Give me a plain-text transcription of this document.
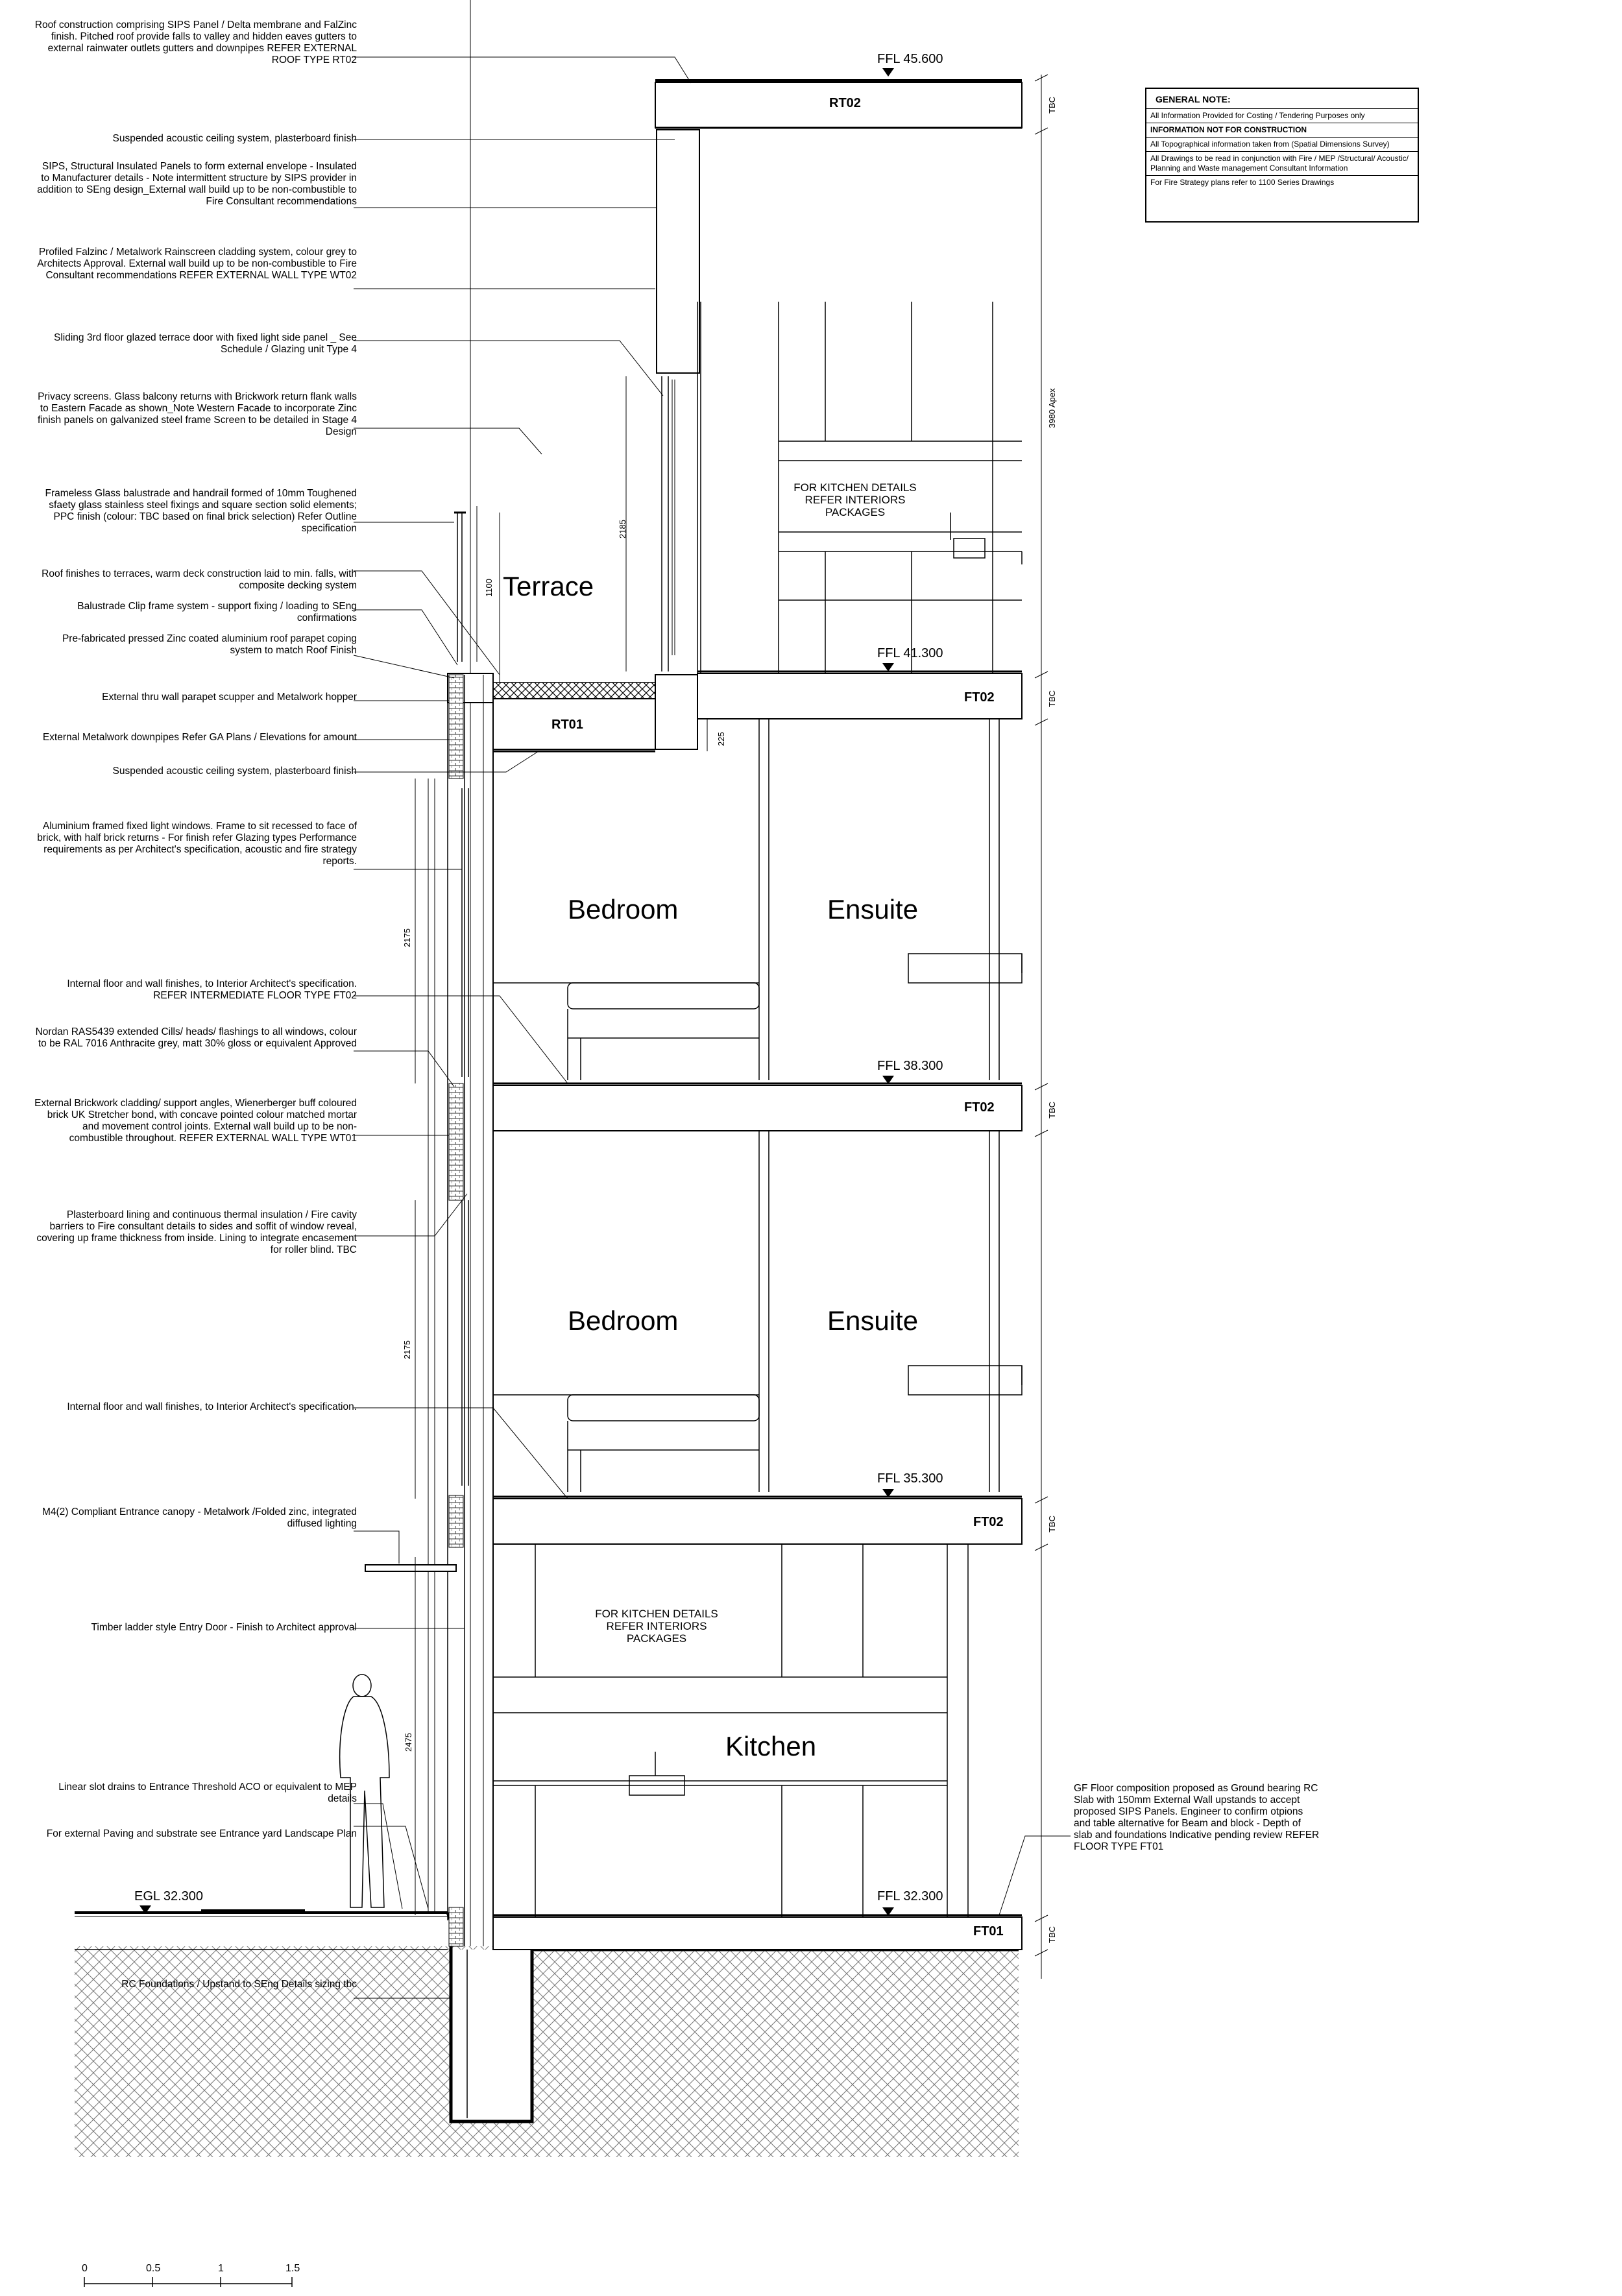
GENERAL NOTE:
All Information Provided for Costing / Tendering Purposes only
INFORMATION NOT FOR CONSTRUCTION
All Topographical information taken from (Spatial Dimensions Survey)
All Drawings to be read in conjunction with Fire / MEP /Structural/ Acoustic/ Planning and Waste management Consultant Information
For Fire Strategy plans refer to 1100 Series Drawings

Roof construction comprising SIPS Panel / Delta membrane and FalZinc finish. Pitched roof provide falls to valley and hidden eaves gutters to external rainwater outlets gutters and downpipes REFER EXTERNAL ROOF TYPE RT02

Suspended acoustic ceiling system, plasterboard finish

SIPS, Structural Insulated Panels to form external envelope - Insulated to Manufacturer details - Note intermittent structure by SIPS provider in addition to SEng design_External wall build up to be non-combustible to Fire Consultant recommendations

Profiled Falzinc / Metalwork Rainscreen cladding system, colour grey to Architects Approval. External wall build up to be non-combustible to Fire Consultant recommendations REFER EXTERNAL WALL TYPE WT02

Sliding 3rd floor glazed terrace door with fixed light side panel _ See Schedule / Glazing unit Type 4

Privacy screens. Glass balcony returns with Brickwork return flank walls to Eastern Facade as shown_Note Western Facade to incorporate Zinc finish panels on galvanized steel frame Screen to be detailed in Stage 4 Design

Frameless Glass balustrade and handrail formed of 10mm Toughened sfaety glass stainless steel fixings and square section solid elements; PPC finish (colour: TBC based on final brick selection) Refer Outline specification

Roof finishes to terraces, warm deck construction laid to min. falls, with composite decking system

Balustrade Clip frame system - support fixing / loading to SEng confirmations

Pre-fabricated pressed Zinc coated aluminium roof parapet coping system to match Roof Finish

External thru wall parapet scupper and Metalwork hopper

External Metalwork downpipes Refer GA Plans / Elevations for amount

Suspended acoustic ceiling system, plasterboard finish

Aluminium framed fixed light windows. Frame to sit recessed to face of brick, with half brick returns - For finish refer Glazing types Performance requirements as per Architect's specification, acoustic and fire strategy reports.

Internal floor and wall finishes, to Interior Architect's specification. REFER INTERMEDIATE FLOOR TYPE FT02

Nordan RAS5439 extended Cills/ heads/ flashings to all windows, colour to be RAL 7016 Anthracite grey, matt 30% gloss or equivalent Approved

External Brickwork cladding/ support angles, Wienerberger buff coloured brick UK Stretcher bond, with concave pointed colour matched mortar and movement control joints. External wall build up to be non-combustible throughout. REFER EXTERNAL WALL TYPE WT01

Plasterboard lining and continuous thermal insulation / Fire cavity barriers to Fire consultant details to sides and soffit of window reveal, covering up frame thickness from inside. Lining to integrate encasement for roller blind. TBC

Internal floor and wall finishes, to Interior Architect's specification.

M4(2) Compliant Entrance canopy - Metalwork /Folded zinc, integrated diffused lighting

Timber ladder style Entry Door - Finish to Architect approval

Linear slot drains to Entrance Threshold ACO or equivalent to MEP details

For external Paving and substrate see Entrance yard Landscape Plan

RC Foundations / Upstand to SEng Details sizing tbc

GF Floor composition proposed as Ground bearing RC Slab with 150mm External Wall upstands to accept proposed SIPS Panels. Engineer to confirm otpions and table alternative for Beam and block - Depth of slab and foundations Indicative pending review REFER FLOOR TYPE FT01

FFL 45.600
FFL 41.300
FFL 38.300
FFL 35.300
FFL 32.300
EGL 32.300
RT02
RT01
FT02
FT02
FT02
FT01
Terrace
Bedroom	Ensuite
Bedroom	Ensuite
Kitchen
FOR KITCHEN DETAILS REFER INTERIORS PACKAGES
FOR KITCHEN DETAILS REFER INTERIORS PACKAGES
3980 Apex
2185
1100
225
2175
2175
2475
TBC
TBC
TBC
TBC
TBC
0	0.5	1	1.5
